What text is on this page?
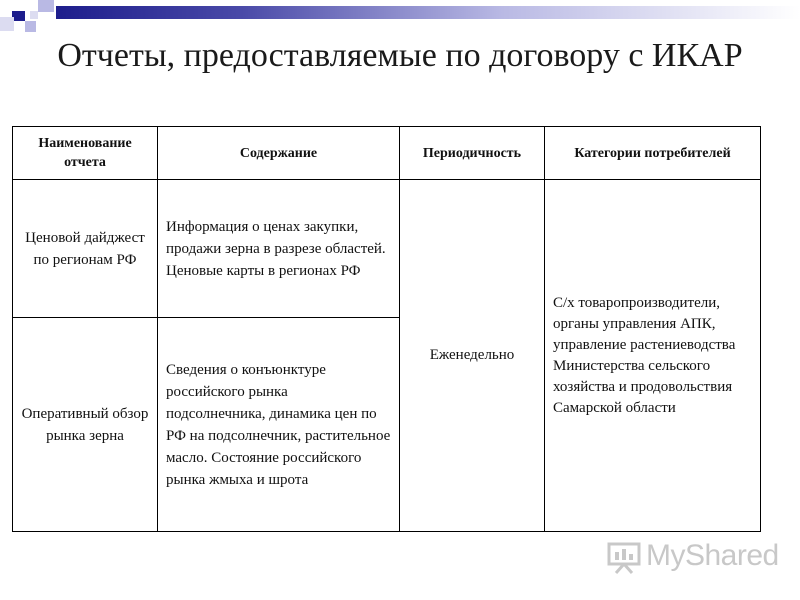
Отчеты, предоставляемые по договору с ИКАР
Наименование отчета	Содержание	Периодичность	Категории потребителей
Ценовой дайджест по регионам РФ	Информация о ценах закупки, продажи зерна в разрезе областей. Ценовые карты в регионах РФ	Еженедельно	С/х товаропроизводители, органы управления АПК, управление растениеводства Министерства сельского хозяйства и продовольствия Самарской области
Оперативный обзор рынка зерна	Сведения о конъюнктуре российского рынка подсолнечника, динамика цен по РФ на подсолнечник, растительное масло. Состояние российского рынка жмыха и шрота		
MyShared
